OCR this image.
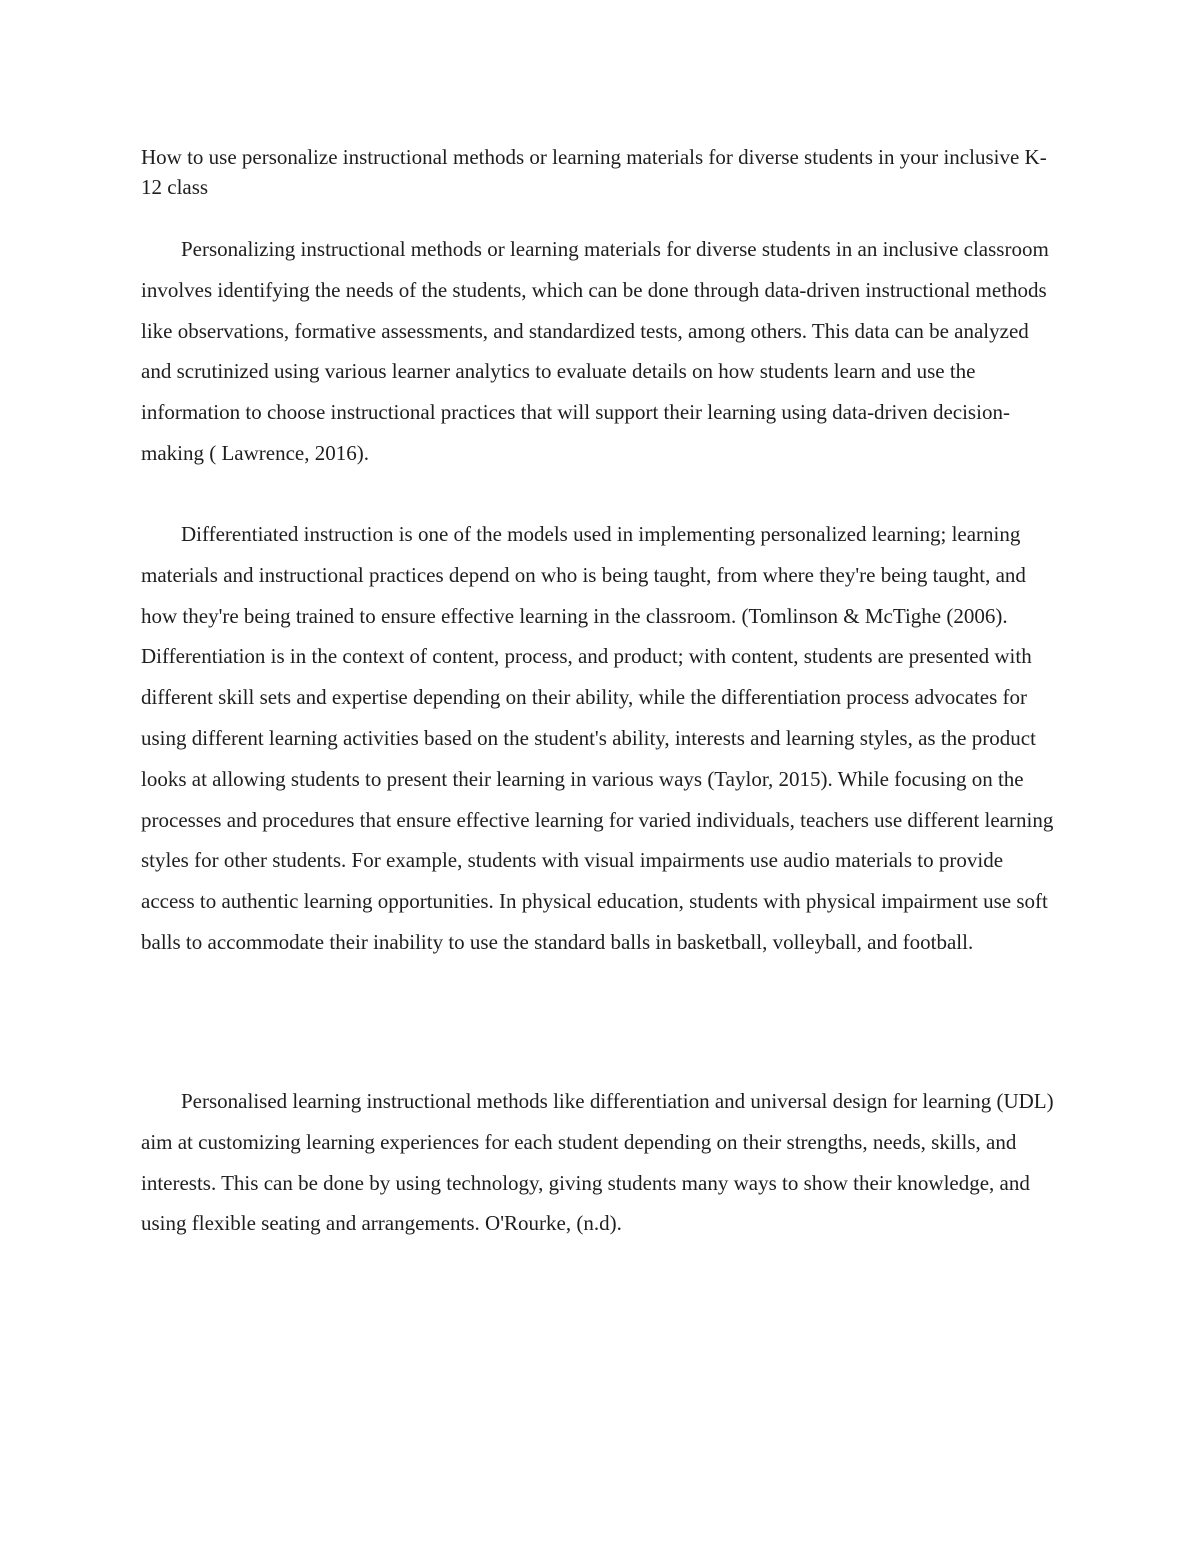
How to use personalize instructional methods or learning materials for diverse students in your inclusive K-12 class

Personalizing instructional methods or learning materials for diverse students in an inclusive classroom involves identifying the needs of the students, which can be done through data-driven instructional methods like observations, formative assessments, and standardized tests, among others. This data can be analyzed and scrutinized using various learner analytics to evaluate details on how students learn and use the information to choose instructional practices that will support their learning using data-driven decision-making ( Lawrence, 2016).

Differentiated instruction is one of the models used in implementing personalized learning; learning materials and instructional practices depend on who is being taught, from where they're being taught, and how they're being trained to ensure effective learning in the classroom. (Tomlinson & McTighe (2006). Differentiation is in the context of content, process, and product; with content, students are presented with different skill sets and expertise depending on their ability, while the differentiation process advocates for using different learning activities based on the student's ability, interests and learning styles, as the product looks at allowing students to present their learning in various ways (Taylor, 2015). While focusing on the processes and procedures that ensure effective learning for varied individuals, teachers use different learning styles for other students. For example, students with visual impairments use audio materials to provide access to authentic learning opportunities. In physical education, students with physical impairment use soft balls to accommodate their inability to use the standard balls in basketball, volleyball, and football.

Personalised learning instructional methods like differentiation and universal design for learning (UDL) aim at customizing learning experiences for each student depending on their strengths, needs, skills, and interests. This can be done by using technology, giving students many ways to show their knowledge, and using flexible seating and arrangements. O'Rourke, (n.d).
